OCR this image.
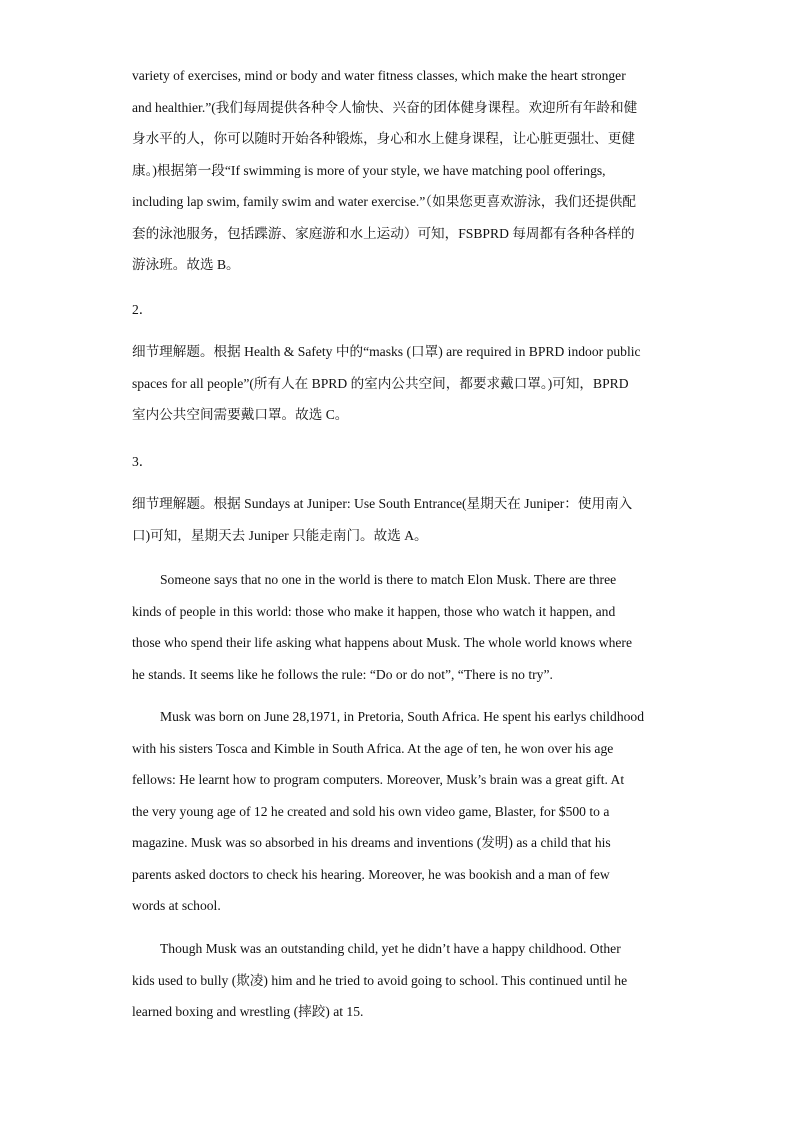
variety of exercises, mind or body and water fitness classes, which make the heart stronger
and healthier.”(我们每周提供各种令人愉快、兴奋的团体健身课程。欢迎所有年龄和健
身水平的人，你可以随时开始各种锻炼，身心和水上健身课程，让心脏更强壮、更健
康。)根据第一段“If swimming is more of your style, we have matching pool offerings,
including lap swim, family swim and water exercise.”（如果您更喜欢游泳，我们还提供配
套的泳池服务，包括蹀游、家庭游和水上运动）可知，FSBPRD 每周都有各种各样的
游泳班。故选 B。

2．

细节理解题。根据 Health & Safety 中的“masks (口罩) are required in BPRD indoor public
spaces for all people”(所有人在 BPRD 的室内公共空间，都要求戴口罩。)可知，BPRD
室内公共空间需要戴口罩。故选 C。

3．

细节理解题。根据 Sundays at Juniper: Use South Entrance(星期天在 Juniper：使用南入
口)可知，星期天去 Juniper 只能走南门。故选 A。
Someone says that no one in the world is there to match Elon Musk. There are three
kinds of people in this world: those who make it happen, those who watch it happen, and
those who spend their life asking what happens about Musk. The whole world knows where
he stands. It seems like he follows the rule: “Do or do not”, “There is no try”.
Musk was born on June 28,1971, in Pretoria, South Africa. He spent his earlys childhood
with his sisters Tosca and Kimble in South Africa. At the age of ten, he won over his age
fellows: He learnt how to program computers. Moreover, Musk’s brain was a great gift. At
the very young age of 12 he created and sold his own video game, Blaster, for $500 to a
magazine. Musk was so absorbed in his dreams and inventions (发明) as a child that his
parents asked doctors to check his hearing. Moreover, he was bookish and a man of few
words at school.
Though Musk was an outstanding child, yet he didn’t have a happy childhood. Other
kids used to bully (欺凌) him and he tried to avoid going to school. This continued until he
learned boxing and wrestling (摔跤) at 15.
